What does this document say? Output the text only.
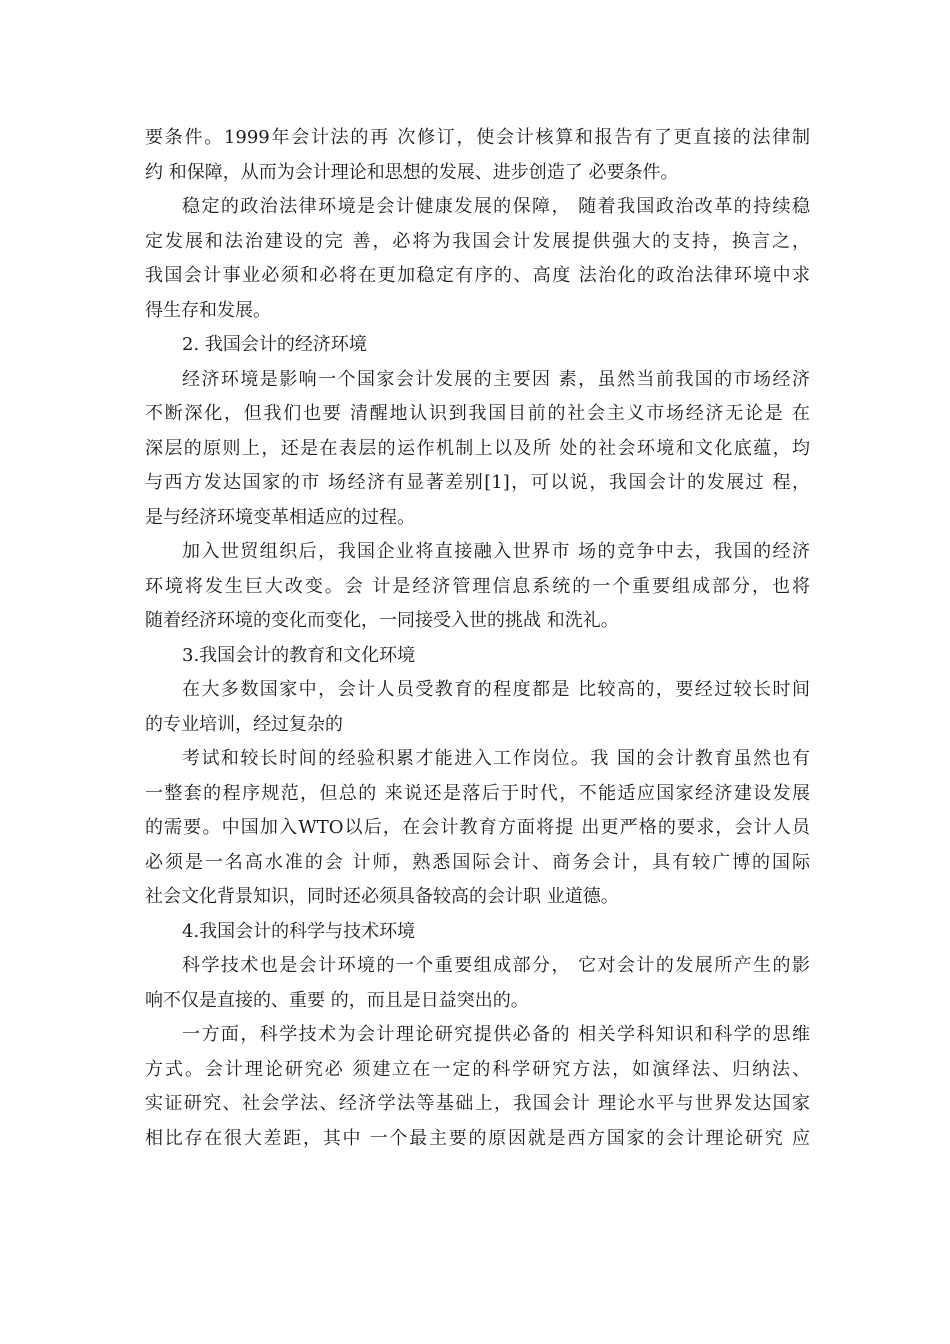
要条件。1999年会计法的再 次修订，使会计核算和报告有了更直接的法律制
约 和保障，从而为会计理论和思想的发展、进步创造了 必要条件。
稳定的政治法律环境是会计健康发展的保障， 随着我国政治改革的持续稳
定发展和法治建设的完 善，必将为我国会计发展提供强大的支持，换言之，
我国会计事业必须和必将在更加稳定有序的、高度 法治化的政治法律环境中求
得生存和发展。
2. 我国会计的经济环境
经济环境是影响一个国家会计发展的主要因 素，虽然当前我国的市场经济
不断深化，但我们也要 清醒地认识到我国目前的社会主义市场经济无论是 在
深层的原则上，还是在表层的运作机制上以及所 处的社会环境和文化底蕴，均
与西方发达国家的市 场经济有显著差别[1]，可以说，我国会计的发展过 程，
是与经济环境变革相适应的过程。
加入世贸组织后，我国企业将直接融入世界市 场的竞争中去，我国的经济
环境将发生巨大改变。会 计是经济管理信息系统的一个重要组成部分，也将
随着经济环境的变化而变化，一同接受入世的挑战 和洗礼。
3.我国会计的教育和文化环境
在大多数国家中，会计人员受教育的程度都是 比较高的，要经过较长时间
的专业培训，经过复杂的
考试和较长时间的经验积累才能进入工作岗位。我 国的会计教育虽然也有
一整套的程序规范，但总的 来说还是落后于时代，不能适应国家经济建设发展
的需要。中国加入WTO以后，在会计教育方面将提 出更严格的要求，会计人员
必须是一名高水准的会 计师，熟悉国际会计、商务会计，具有较广博的国际
社会文化背景知识，同时还必须具备较高的会计职 业道德。
4.我国会计的科学与技术环境
科学技术也是会计环境的一个重要组成部分， 它对会计的发展所产生的影
响不仅是直接的、重要 的，而且是日益突出的。
一方面，科学技术为会计理论研究提供必备的 相关学科知识和科学的思维
方式。会计理论研究必 须建立在一定的科学研究方法，如演绎法、归纳法、
实证研究、社会学法、经济学法等基础上，我国会计 理论水平与世界发达国家
相比存在很大差距，其中 一个最主要的原因就是西方国家的会计理论研究 应
